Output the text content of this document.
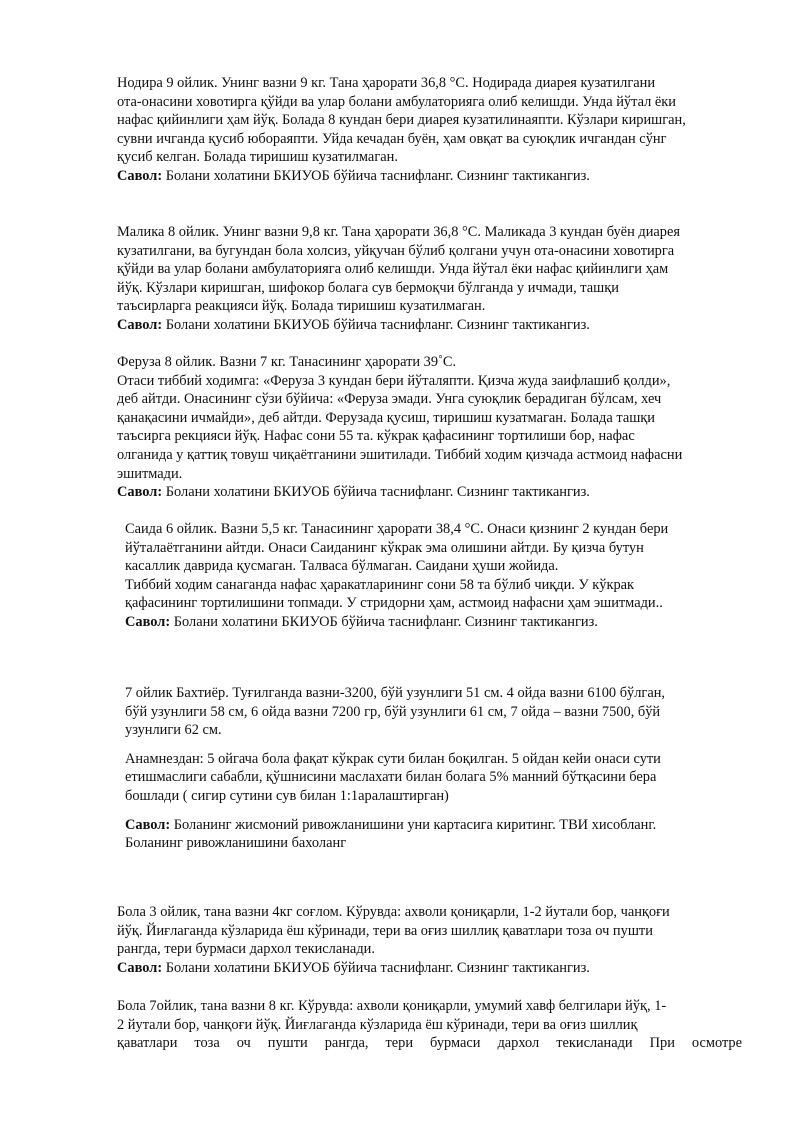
Нодира 9 ойлик. Унинг вазни 9 кг. Тана ҳарорати 36,8 °С. Нодирада диарея кузатилгани

ота-онасини ховотирга қўйди ва улар болани амбулаторияга олиб келишди. Унда йўтал ёки

нафас қийинлиги ҳам йўқ. Болада 8 кундан бери диарея кузатилинаяпти. Кўзлари киришган,

сувни ичганда қусиб юбораяпти. Уйда кечадан буён, ҳам овқат ва суюқлик ичгандан сўнг

қусиб келган. Болада тиришиш кузатилмаган.

Савол: Болани холатини БКИУОБ бўйича таснифланг. Сизнинг тактикангиз.

Малика 8 ойлик. Унинг вазни 9,8 кг. Тана ҳарорати 36,8 °С. Маликада 3 кундан буён диарея

кузатилгани, ва бугундан бола холсиз, уйқучан бўлиб қолгани учун ота-онасини ховотирга

қўйди ва улар болани амбулаторияга олиб келишди. Унда йўтал ёки нафас қийинлиги ҳам

йўқ. Кўзлари киришган, шифокор болага сув бермоқчи бўлганда у ичмади, ташқи

таъсирларга реакцияси йўқ. Болада тиришиш кузатилмаган.

Савол: Болани холатини БКИУОБ бўйича таснифланг. Сизнинг тактикангиз.

Феруза 8 ойлик. Вазни 7 кг. Танасининг ҳарорати 39˚С.

Отаси тиббий ходимга: «Феруза 3 кундан бери йўталяпти. Қизча жуда заифлашиб қолди»,

деб айтди. Онасининг сўзи бўйича: «Феруза эмади. Унга суюқлик берадиган бўлсам, хеч

қанақасини ичмайди», деб айтди. Ферузада қусиш, тиришиш кузатмаган. Болада ташқи

таъсирга рекцияси йўқ. Нафас сони 55 та. кўкрак қафасининг тортилиши бор, нафас

олганида у қаттиқ товуш чиқаётганини эшитилади. Тиббий ходим қизчада астмоид нафасни

эшитмади.

Савол: Болани холатини БКИУОБ бўйича таснифланг. Сизнинг тактикангиз.

Саида 6 ойлик. Вазни 5,5 кг. Танасининг ҳарорати 38,4 °С. Онаси қизнинг 2 кундан бери

йўталаётганини айтди. Онаси Саиданинг кўкрак эма олишини айтди. Бу қизча бутун

касаллик даврида қусмаган. Талваса бўлмаган. Саидани ҳуши жойида.

Тиббий ходим санаганда нафас ҳаракатларининг сони 58 та бўлиб чиқди. У кўкрак

қафасининг тортилишини топмади. У стридорни ҳам, астмоид нафасни ҳам эшитмади..

Савол: Болани холатини БКИУОБ бўйича таснифланг. Сизнинг тактикангиз.

7 ойлик Бахтиёр. Туғилганда вазни-3200, бўй узунлиги 51 см. 4 ойда вазни 6100 бўлган,

бўй узунлиги 58 см, 6 ойда вазни 7200 гр, бўй узунлиги 61 см, 7 ойда – вазни 7500, бўй

узунлиги 62 см.

Анамнездан: 5 ойгача бола фақат кўкрак сути билан боқилган. 5 ойдан кейи онаси сути

етишмаслиги сабабли, қўшнисини маслахати билан болага 5% манний бўтқасини бера

бошлади ( сигир сутини сув билан 1:1аралаштирган)

Савол: Боланинг жисмоний ривожланишини уни картасига киритинг. ТВИ хисобланг.

Боланинг ривожланишини бахоланг

Бола 3 ойлик, тана вазни 4кг соғлом. Кўрувда: ахволи қониқарли, 1-2 йутали бор, чанқоғи

йўқ. Йиғлаганда кўзларида ёш кўринади, тери ва оғиз шиллиқ қаватлари тоза оч пушти

рангда, тери бурмаси дархол текисланади.

Савол: Болани холатини БКИУОБ бўйича таснифланг. Сизнинг тактикангиз.

Бола 7ойлик, тана вазни 8 кг. Кўрувда: ахволи қониқарли, умумий хавф белгилари йўқ, 1-

2 йутали бор, чанқоғи йўқ. Йиғлаганда кўзларида ёш кўринади, тери ва оғиз шиллиқ

қаватлари тоза оч пушти рангда, тери бурмаси дархол текисланади При осмотре
